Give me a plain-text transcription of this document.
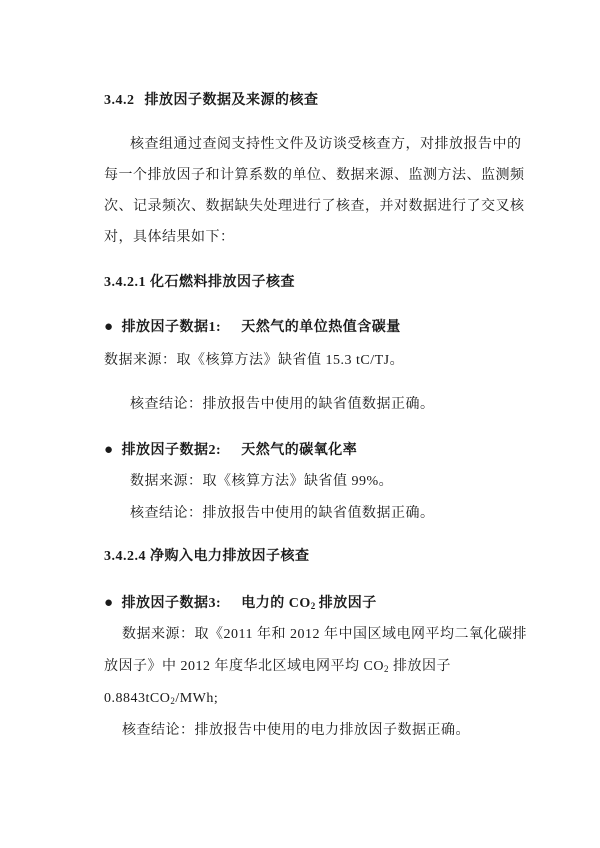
3.4.2 排放因子数据及来源的核查
核查组通过查阅支持性文件及访谈受核查方，对排放报告中的
每一个排放因子和计算系数的单位、数据来源、监测方法、监测频
次、记录频次、数据缺失处理进行了核查，并对数据进行了交叉核
对，具体结果如下：
3.4.2.1 化石燃料排放因子核查
● 排放因子数据1: 天然气的单位热值含碳量
数据来源：取《核算方法》缺省值 15.3 tC/TJ。
核查结论：排放报告中使用的缺省值数据正确。
● 排放因子数据2: 天然气的碳氧化率
数据来源：取《核算方法》缺省值 99%。
核查结论：排放报告中使用的缺省值数据正确。
3.4.2.4 净购入电力排放因子核查
● 排放因子数据3: 电力的 $CO_2$ 排放因子
数据来源：取《2011 年和 2012 年中国区域电网平均二氧化碳排
放因子》中 2012 年度华北区域电网平均 $CO_2$ 排放因子
0.8843tCO$_2$/MWh;
核查结论：排放报告中使用的电力排放因子数据正确。
